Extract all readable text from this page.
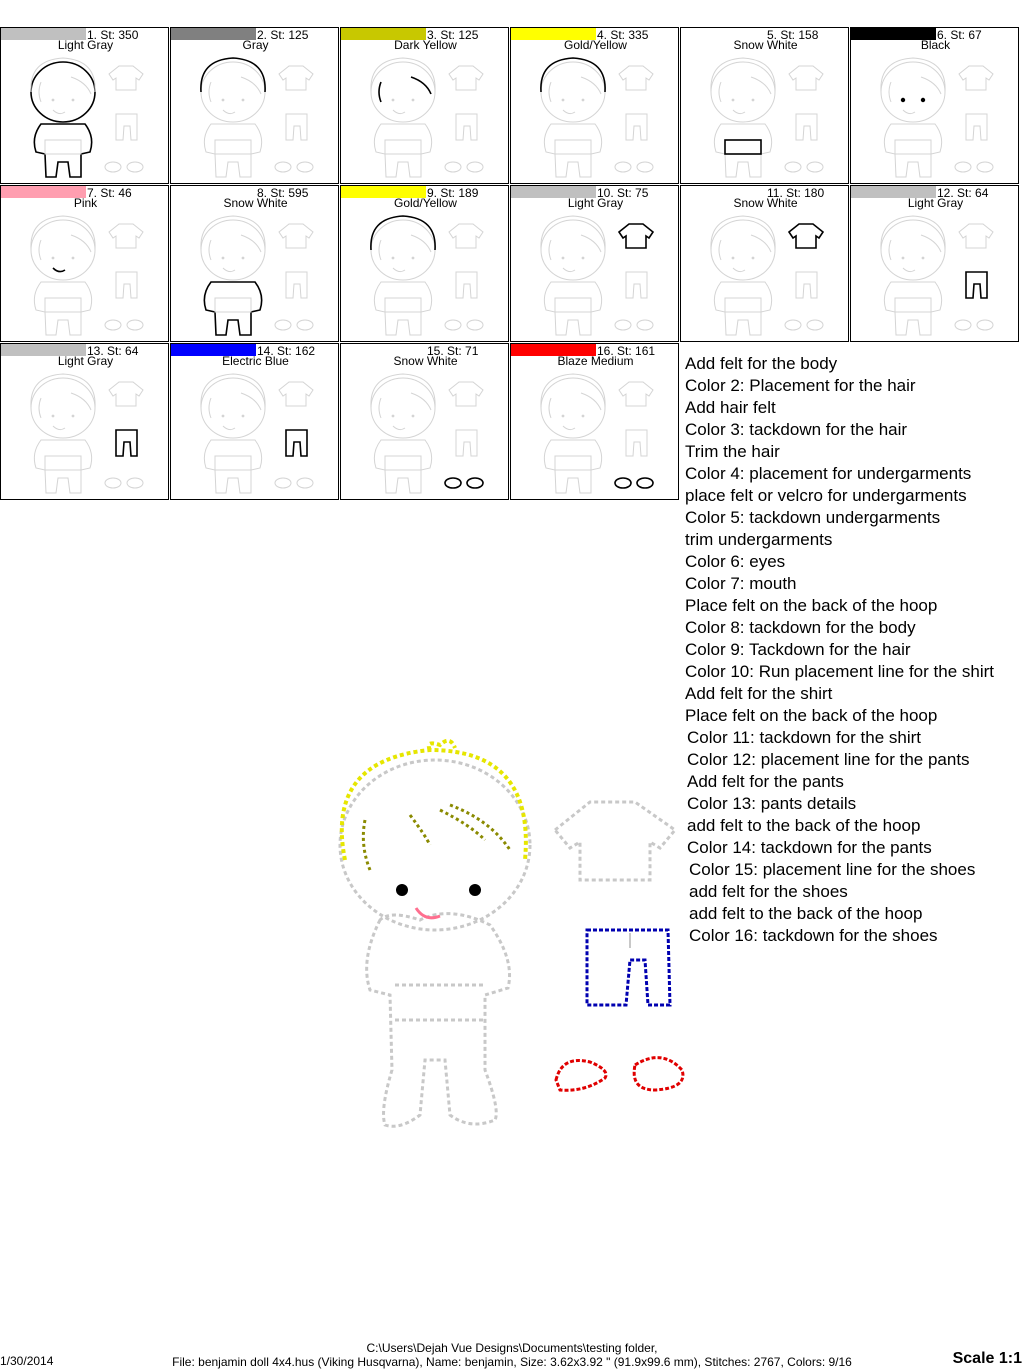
1. St: 350
Light Gray
2. St: 125
Gray
3. St: 125
Dark Yellow
4. St: 335
Gold/Yellow
5. St: 158
Snow White
6. St: 67
Black
7. St: 46
Pink
8. St: 595
Snow White
9. St: 189
Gold/Yellow
10. St: 75
Light Gray
11. St: 180
Snow White
12. St: 64
Light Gray
13. St: 64
Light Gray
14. St: 162
Electric Blue
15. St: 71
Snow White
16. St: 161
Blaze Medium	Add felt for the body
Color 2: Placement for the hair
Add hair felt
Color 3: tackdown for the hair
Trim the hair
Color 4: placement for undergarments
place felt or velcro for undergarments
Color 5: tackdown undergarments
trim undergarments
Color 6: eyes
Color 7: mouth
Place felt on the back of the hoop
Color 8: tackdown for the body
Color 9: Tackdown for the hair
Color 10: Run placement line for the shirt
Add felt for the shirt
Place felt on the back of the hoop
Color 11: tackdown for the shirt
Color 12: placement line for the pants
Add felt for the pants
Color 13: pants details
add felt to the back of the hoop
Color 14: tackdown for the pants
Color 15: placement line for the shoes
add felt for the shoes
add felt to the back of the hoop
Color 16: tackdown for the shoes
C:\Users\Dejah Vue Designs\Documents\testing folder,
File: benjamin doll 4x4.hus (Viking Husqvarna), Name: benjamin, Size: 3.62x3.92 " (91.9x99.6 mm), Stitches: 2767, Colors: 9/16
1/30/2014	Scale 1:1
